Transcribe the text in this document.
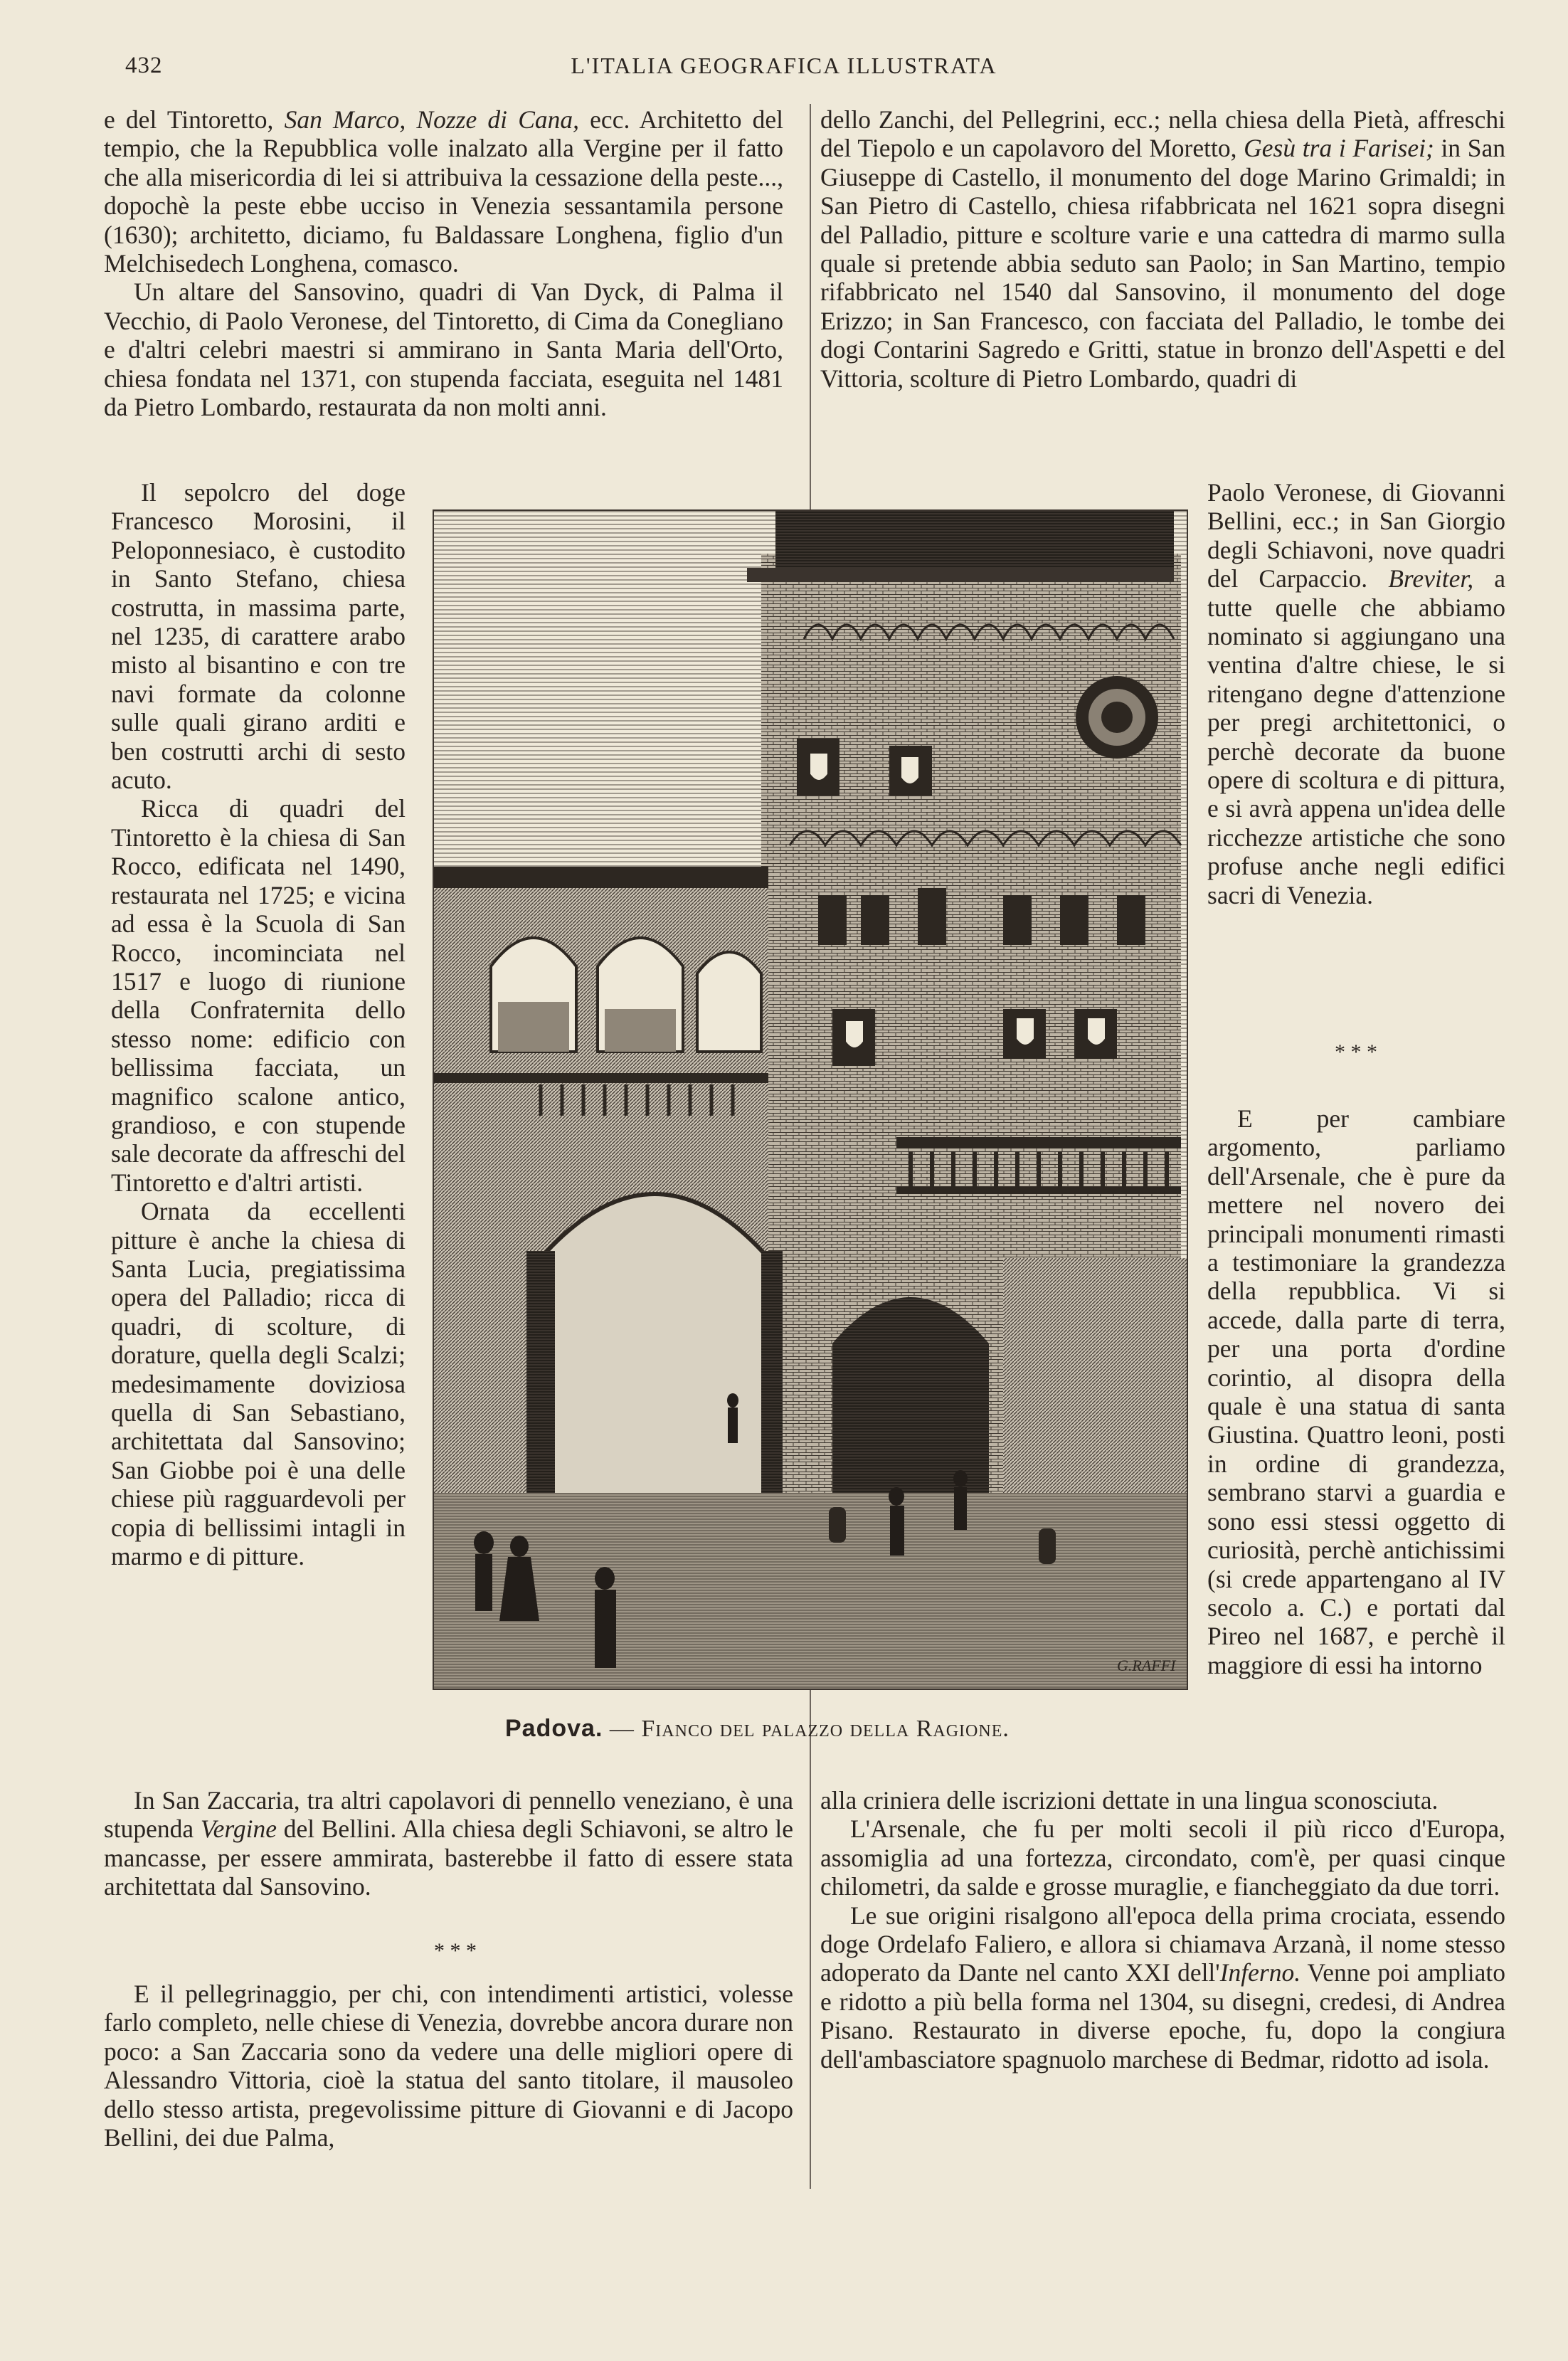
432	L'ITALIA GEOGRAFICA ILLUSTRATA

e del Tintoretto, San Marco, Nozze di Cana, ecc. Architetto del tempio, che la Repubblica volle inalzato alla Vergine per il fatto che alla misericordia di lei si attribuiva la cessazione della peste..., dopochè la peste ebbe ucciso in Venezia sessantamila persone (1630); architetto, diciamo, fu Baldassare Longhena, figlio d'un Melchisedech Longhena, comasco.

Un altare del Sansovino, quadri di Van Dyck, di Palma il Vecchio, di Paolo Veronese, del Tintoretto, di Cima da Conegliano e d'altri celebri maestri si ammirano in Santa Maria dell'Orto, chiesa fondata nel 1371, con stupenda facciata, eseguita nel 1481 da Pietro Lombardo, restaurata da non molti anni.

Il sepolcro del doge Francesco Morosini, il Peloponnesiaco, è custodito in Santo Stefano, chiesa costrutta, in massima parte, nel 1235, di carattere arabo misto al bisantino e con tre navi formate da colonne sulle quali girano arditi e ben costrutti archi di sesto acuto.

Ricca di quadri del Tintoretto è la chiesa di San Rocco, edificata nel 1490, restaurata nel 1725; e vicina ad essa è la Scuola di San Rocco, incominciata nel 1517 e luogo di riunione della Confraternita dello stesso nome: edificio con bellissima facciata, un magnifico scalone antico, grandioso, e con stupende sale decorate da affreschi del Tintoretto e d'altri artisti.

Ornata da eccellenti pitture è anche la chiesa di Santa Lucia, pregiatissima opera del Palladio; ricca di quadri, di scolture, di dorature, quella degli Scalzi; medesimamente doviziosa quella di San Sebastiano, architettata dal Sansovino; San Giobbe poi è una delle chiese più ragguardevoli per copia di bellissimi intagli in marmo e di pitture.

In San Zaccaria, tra altri capolavori di pennello veneziano, è una stupenda Vergine del Bellini. Alla chiesa degli Schiavoni, se altro le mancasse, per essere ammirata, basterebbe il fatto di essere stata architettata dal Sansovino.

* * *

E il pellegrinaggio, per chi, con intendimenti artistici, volesse farlo completo, nelle chiese di Venezia, dovrebbe ancora durare non poco: a San Zaccaria sono da vedere una delle migliori opere di Alessandro Vittoria, cioè la statua del santo titolare, il mausoleo dello stesso artista, pregevolissime pitture di Giovanni e di Jacopo Bellini, dei due Palma,

dello Zanchi, del Pellegrini, ecc.; nella chiesa della Pietà, affreschi del Tiepolo e un capolavoro del Moretto, Gesù tra i Farisei; in San Giuseppe di Castello, il monumento del doge Marino Grimaldi; in San Pietro di Castello, chiesa rifabbricata nel 1621 sopra disegni del Palladio, pitture e scolture varie e una cattedra di marmo sulla quale si pretende abbia seduto san Paolo; in San Martino, tempio rifabbricato nel 1540 dal Sansovino, il monumento del doge Erizzo; in San Francesco, con facciata del Palladio, le tombe dei dogi Contarini Sagredo e Gritti, statue in bronzo dell'Aspetti e del Vittoria, scolture di Pietro Lombardo, quadri di

Paolo Veronese, di Giovanni Bellini, ecc.; in San Giorgio degli Schiavoni, nove quadri del Carpaccio. Breviter, a tutte quelle che abbiamo nominato si aggiungano una ventina d'altre chiese, le si ritengano degne d'attenzione per pregi architettonici, o perchè decorate da buone opere di scoltura e di pittura, e si avrà appena un'idea delle ricchezze artistiche che sono profuse anche negli edifici sacri di Venezia.

* * *

E per cambiare argomento, parliamo dell'Arsenale, che è pure da mettere nel novero dei principali monumenti rimasti a testimoniare la grandezza della repubblica. Vi si accede, dalla parte di terra, per una porta d'ordine corintio, al disopra della quale è una statua di santa Giustina. Quattro leoni, posti in ordine di grandezza, sembrano starvi a guardia e sono essi stessi oggetto di curiosità, perchè antichissimi (si crede appartengano al IV secolo a. C.) e portati dal Pireo nel 1687, e perchè il maggiore di essi ha intorno

alla criniera delle iscrizioni dettate in una lingua sconosciuta.

L'Arsenale, che fu per molti secoli il più ricco d'Europa, assomiglia ad una fortezza, circondato, com'è, per quasi cinque chilometri, da salde e grosse muraglie, e fiancheggiato da due torri.

Le sue origini risalgono all'epoca della prima crociata, essendo doge Ordelafo Faliero, e allora si chiamava Arzanà, il nome stesso adoperato da Dante nel canto XXI dell'Inferno. Venne poi ampliato e ridotto a più bella forma nel 1304, su disegni, credesi, di Andrea Pisano. Restaurato in diverse epoche, fu, dopo la congiura dell'ambasciatore spagnuolo marchese di Bedmar, ridotto ad isola.

G.RAFFI
Padova. — Fianco del palazzo della Ragione.
